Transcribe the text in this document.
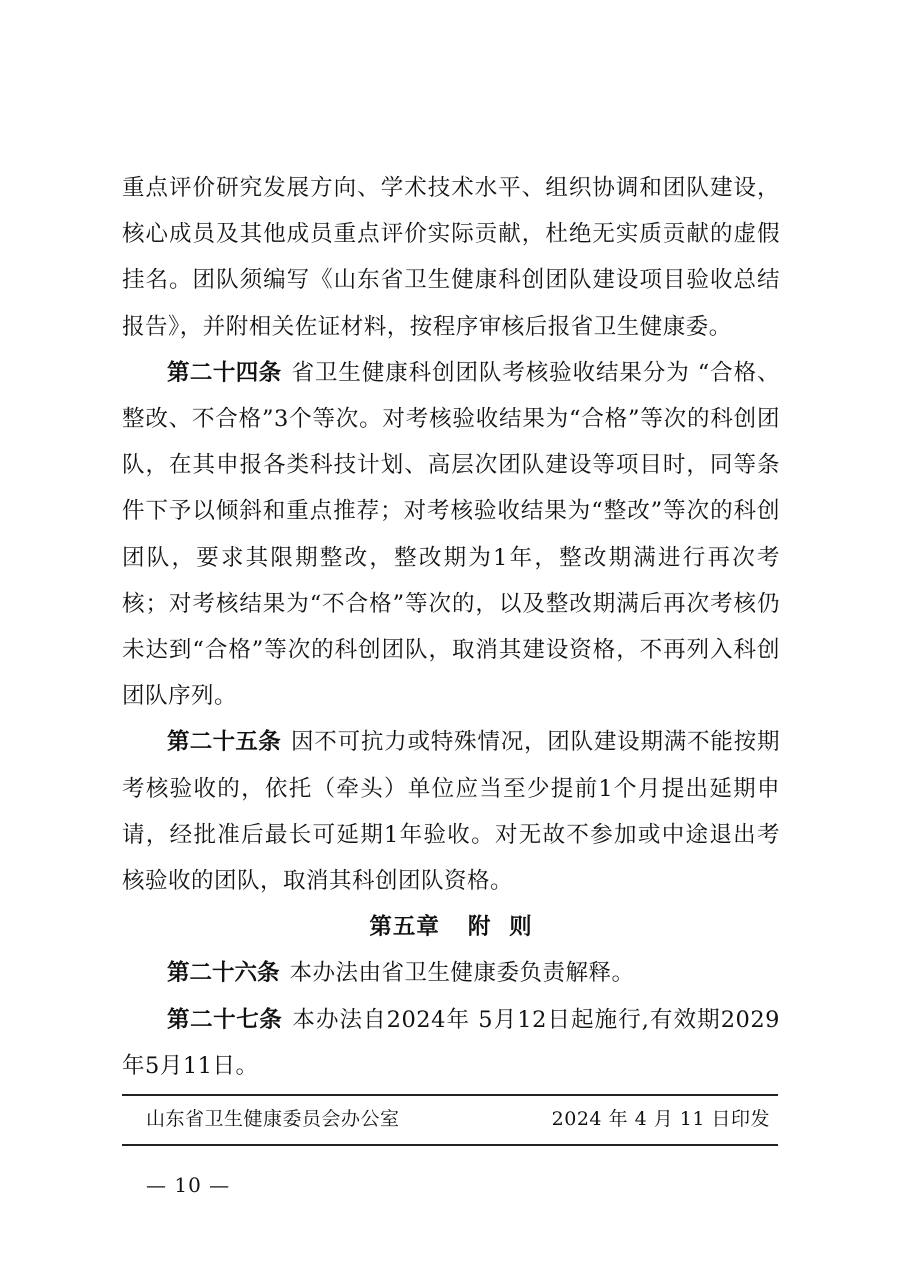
重点评价研究发展方向、学术技术水平、组织协调和团队建设，核心成员及其他成员重点评价实际贡献，杜绝无实质贡献的虚假挂名。团队须编写《山东省卫生健康科创团队建设项目验收总结报告》，并附相关佐证材料，按程序审核后报省卫生健康委。

第二十四条 省卫生健康科创团队考核验收结果分为 “合格、整改、不合格”3个等次。对考核验收结果为“合格”等次的科创团队，在其申报各类科技计划、高层次团队建设等项目时，同等条件下予以倾斜和重点推荐；对考核验收结果为“整改”等次的科创团队，要求其限期整改，整改期为1年，整改期满进行再次考核；对考核结果为“不合格”等次的，以及整改期满后再次考核仍未达到“合格”等次的科创团队，取消其建设资格，不再列入科创团队序列。

第二十五条 因不可抗力或特殊情况，团队建设期满不能按期考核验收的，依托（牵头）单位应当至少提前1个月提出延期申请，经批准后最长可延期1年验收。对无故不参加或中途退出考核验收的团队，取消其科创团队资格。

第五章 附  则

第二十六条 本办法由省卫生健康委负责解释。

第二十七条 本办法自2024年 5月12日起施行,有效期2029年5月11日。

山东省卫生健康委员会办公室	2024 年 4 月 11 日印发
— 10 —
